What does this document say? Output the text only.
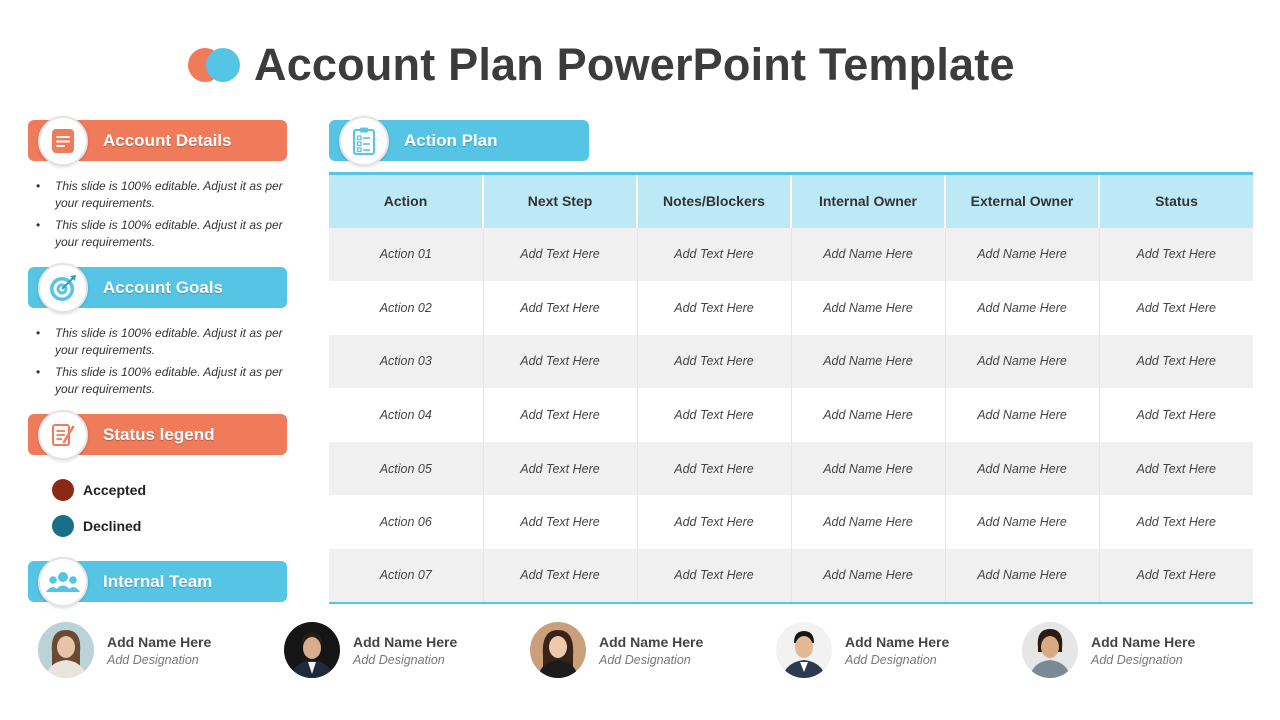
Account Plan PowerPoint Template
Account Details
• This slide is 100% editable. Adjust it as per your requirements.
• This slide is 100% editable. Adjust it as per your requirements.
Account Goals
• This slide is 100% editable. Adjust it as per your requirements.
• This slide is 100% editable. Adjust it as per your requirements.
Status legend
Accepted
Declined
Internal Team
Action Plan
Action	Next Step	Notes/Blockers	Internal Owner	External Owner	Status
Action 01	Add Text Here	Add Text Here	Add Name Here	Add Name Here	Add Text Here
Action 02	Add Text Here	Add Text Here	Add Name Here	Add Name Here	Add Text Here
Action 03	Add Text Here	Add Text Here	Add Name Here	Add Name Here	Add Text Here
Action 04	Add Text Here	Add Text Here	Add Name Here	Add Name Here	Add Text Here
Action 05	Add Text Here	Add Text Here	Add Name Here	Add Name Here	Add Text Here
Action 06	Add Text Here	Add Text Here	Add Name Here	Add Name Here	Add Text Here
Action 07	Add Text Here	Add Text Here	Add Name Here	Add Name Here	Add Text Here
Add Name Here
Add Designation
Add Name Here
Add Designation
Add Name Here
Add Designation
Add Name Here
Add Designation
Add Name Here
Add Designation
